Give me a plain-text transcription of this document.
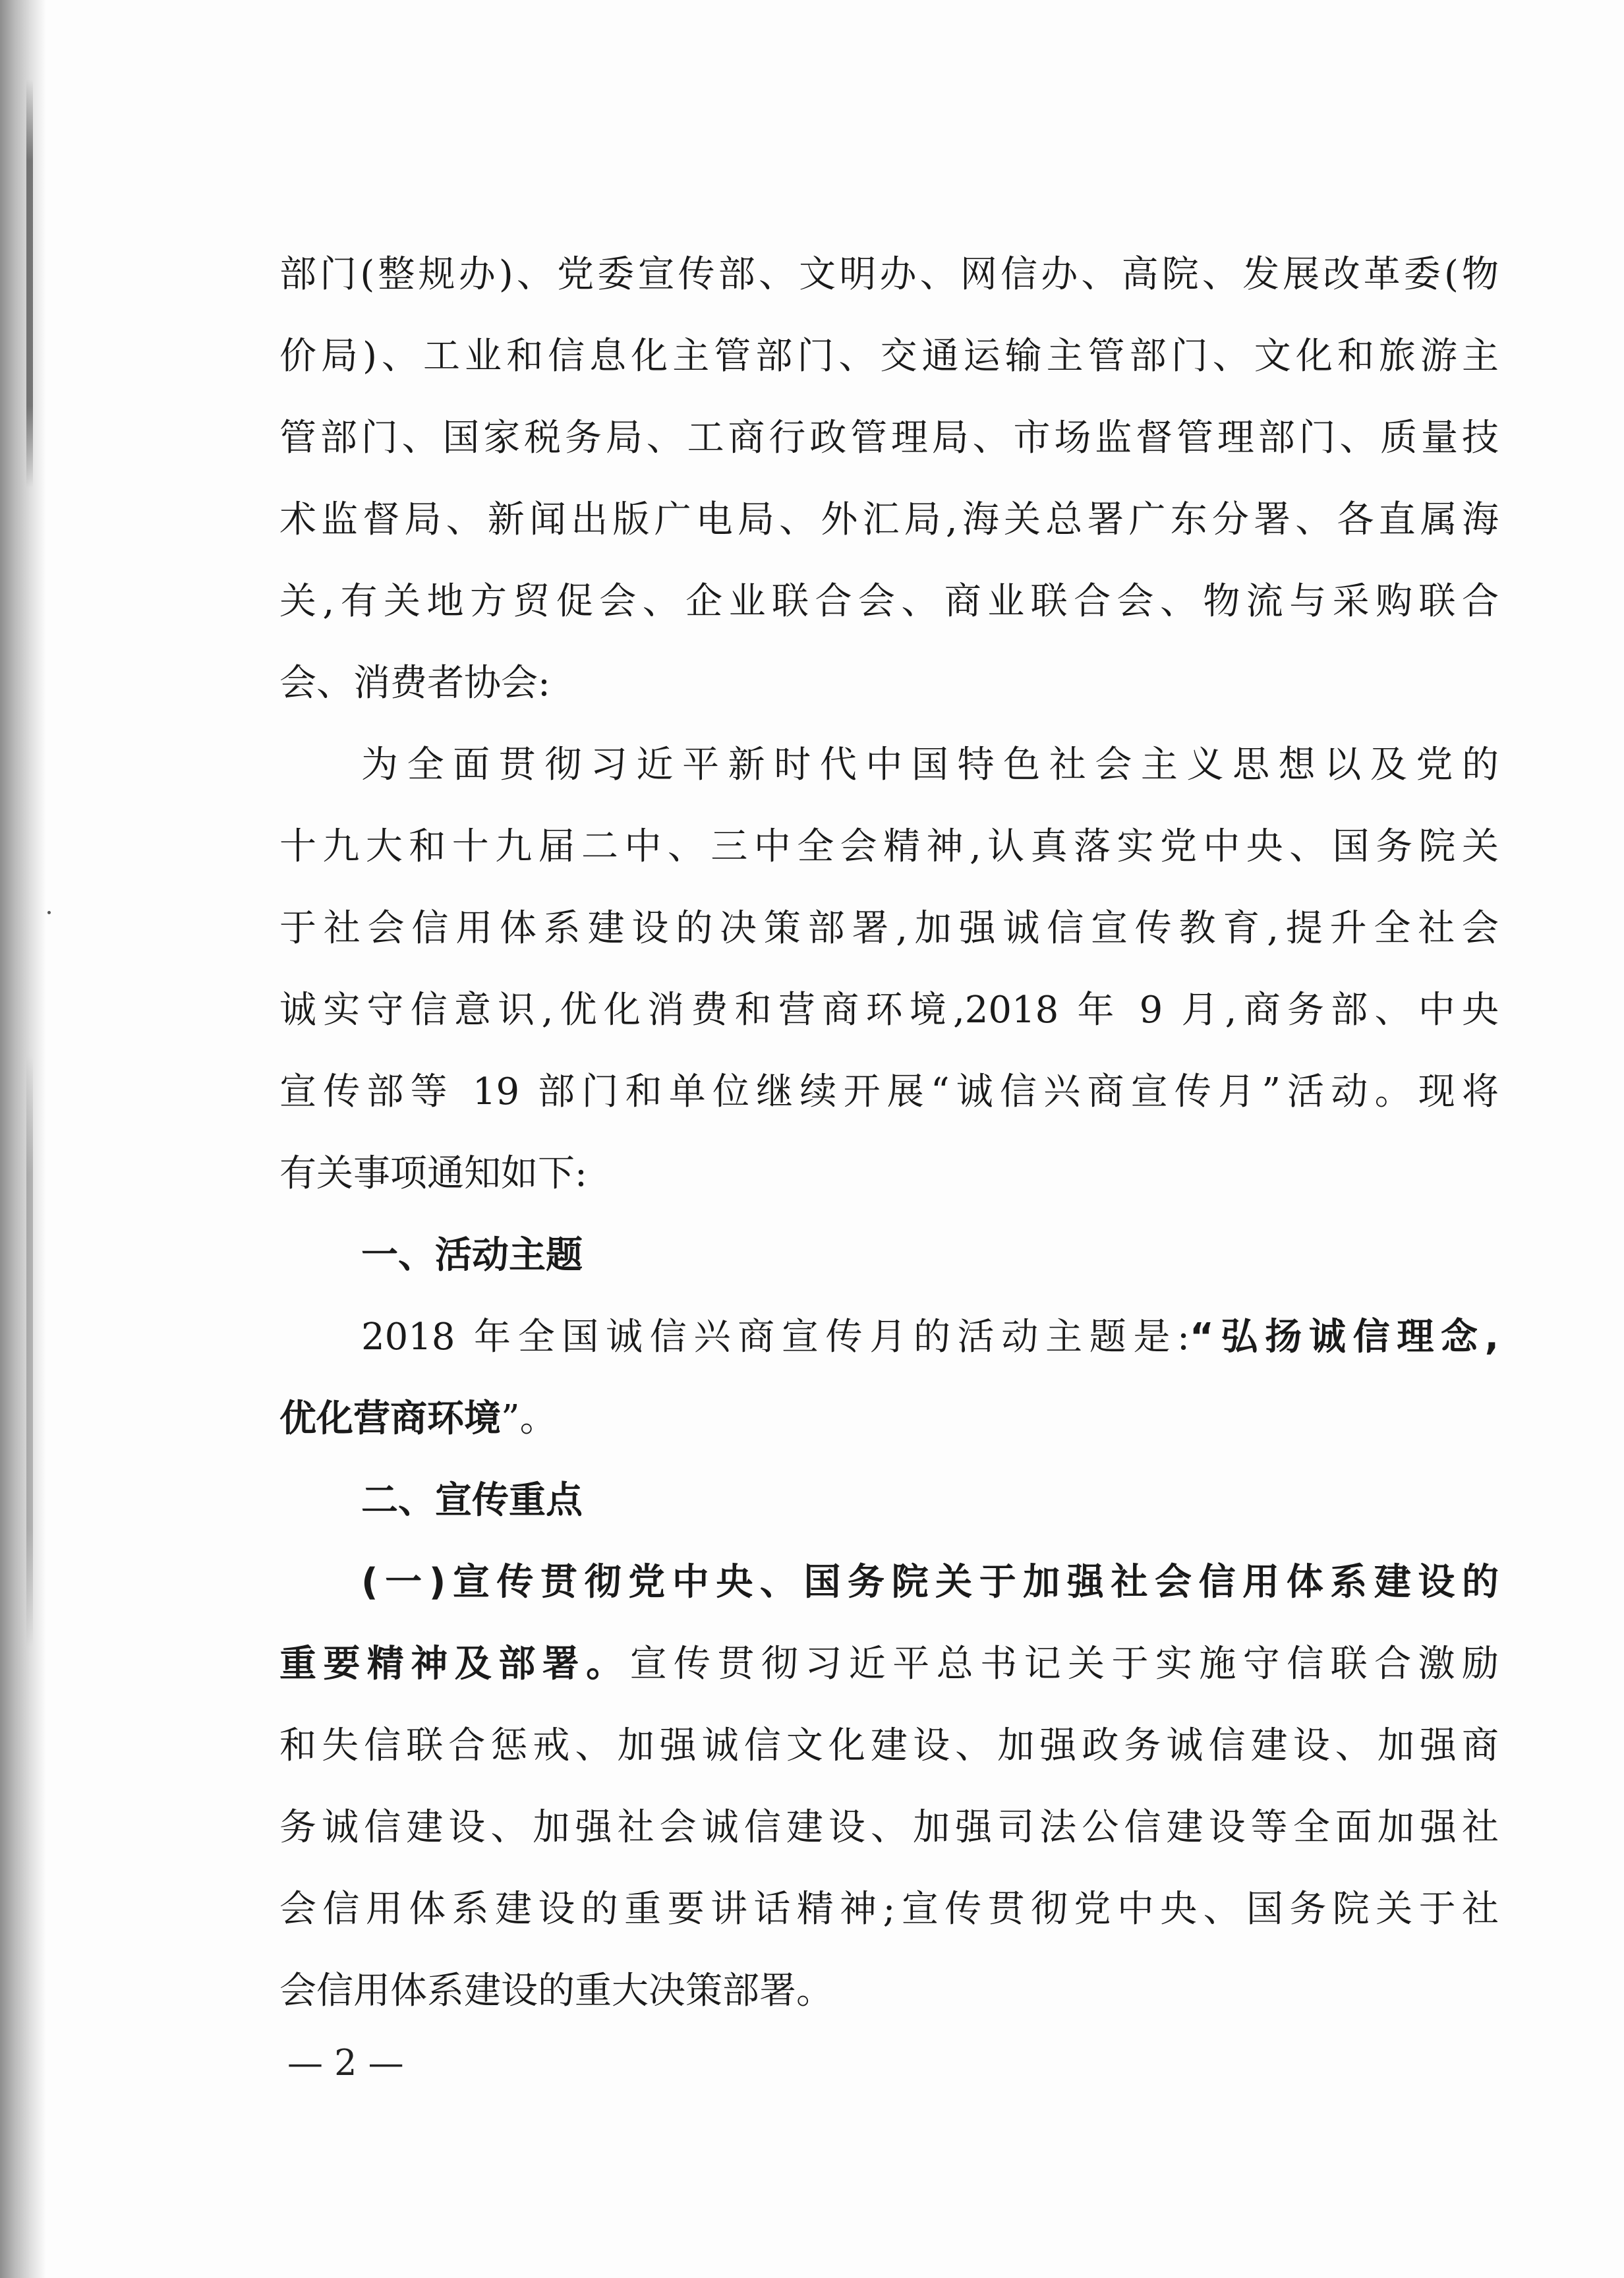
部门(整规办)、党委宣传部、文明办、网信办、高院、发展改革委(物
价局)、工业和信息化主管部门、交通运输主管部门、文化和旅游主
管部门、国家税务局、工商行政管理局、市场监督管理部门、质量技
术监督局、新闻出版广电局、外汇局,海关总署广东分署、各直属海
关,有关地方贸促会、企业联合会、商业联合会、物流与采购联合
会、消费者协会:
为全面贯彻习近平新时代中国特色社会主义思想以及党的
十九大和十九届二中、三中全会精神,认真落实党中央、国务院关
于社会信用体系建设的决策部署,加强诚信宣传教育,提升全社会
诚实守信意识,优化消费和营商环境,2018 年 9 月,商务部、中央
宣传部等 19 部门和单位继续开展“诚信兴商宣传月”活动。现将
有关事项通知如下:
一、活动主题
2018 年全国诚信兴商宣传月的活动主题是:“弘扬诚信理念,
优化营商环境”。
二、宣传重点
(一)宣传贯彻党中央、国务院关于加强社会信用体系建设的
重要精神及部署。宣传贯彻习近平总书记关于实施守信联合激励
和失信联合惩戒、加强诚信文化建设、加强政务诚信建设、加强商
务诚信建设、加强社会诚信建设、加强司法公信建设等全面加强社
会信用体系建设的重要讲话精神;宣传贯彻党中央、国务院关于社
会信用体系建设的重大决策部署。
— 2 —
